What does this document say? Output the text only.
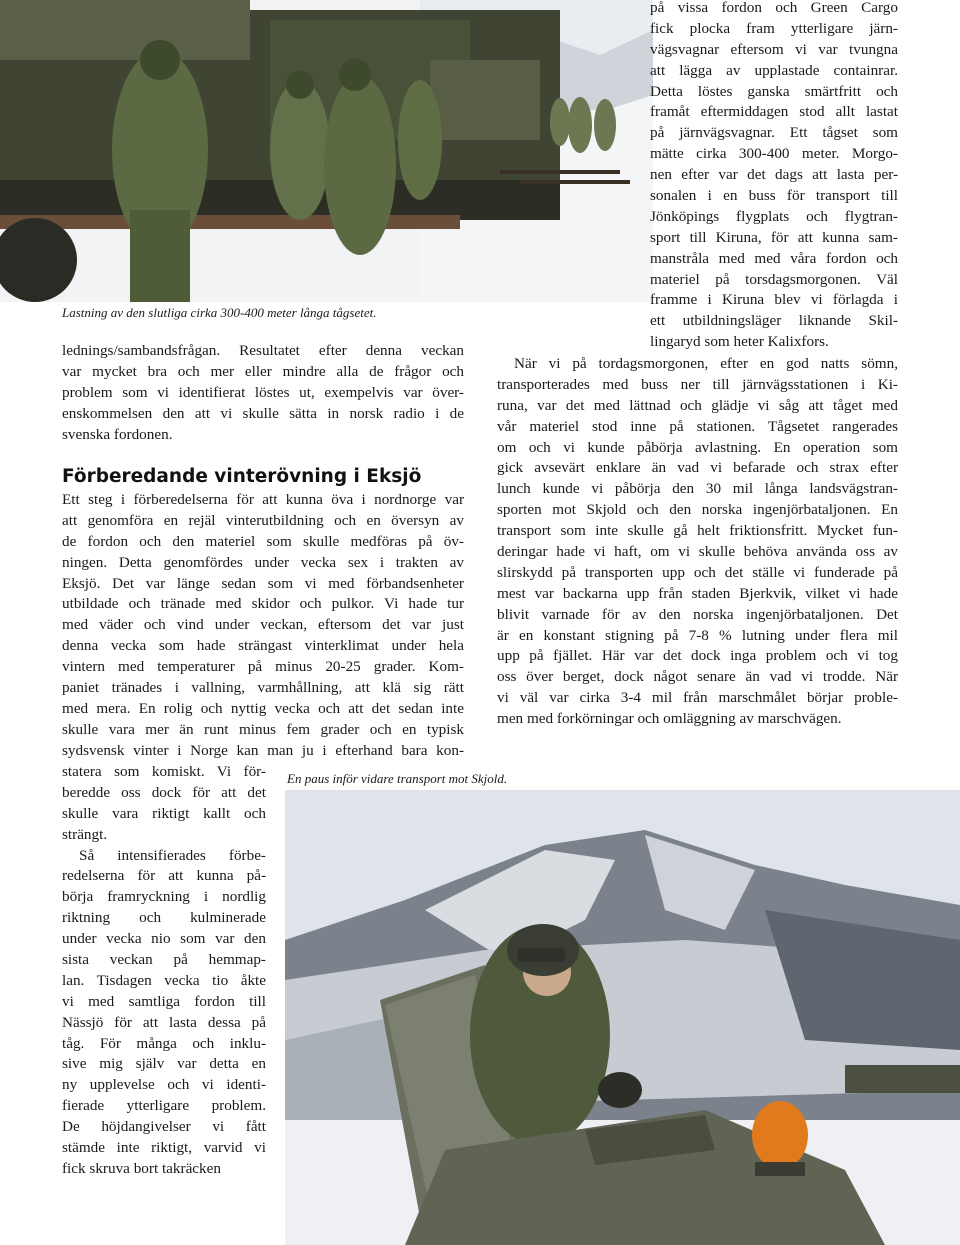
Lastning av den slutliga cirka 300-400 meter långa tågsetet.
på vissa fordon och Green Cargo
fick plocka fram ytterligare järn-
vägsvagnar eftersom vi var tvungna
att lägga av upplastade containrar.
Detta löstes ganska smärtfritt och
framåt eftermiddagen stod allt lastat
på järnvägsvagnar. Ett tågset som
mätte cirka 300-400 meter. Morgo-
nen efter var det dags att lasta per-
sonalen i en buss för transport till
Jönköpings flygplats och flygtran-
sport till Kiruna, för att kunna sam-
manstråla med med våra fordon och
materiel på torsdagsmorgonen. Väl
framme i Kiruna blev vi förlagda i
ett utbildningsläger liknande Skil-
lingaryd som heter Kalixfors.
När vi på tordagsmorgonen, efter en god natts sömn,
transporterades med buss ner till järnvägsstationen i Ki-
runa, var det med lättnad och glädje vi såg att tåget med
vår materiel stod inne på stationen. Tågsetet rangerades
om och vi kunde påbörja avlastning. En operation som
gick avsevärt enklare än vad vi befarade och strax efter
lunch kunde vi påbörja den 30 mil långa landsvägstran-
sporten mot Skjold och den norska ingenjörbataljonen. En
transport som inte skulle gå helt friktionsfritt. Mycket fun-
deringar hade vi haft, om vi skulle behöva använda oss av
slirskydd på transporten upp och det ställe vi funderade på
mest var backarna upp från staden Bjerkvik, vilket vi hade
blivit varnade för av den norska ingenjörbataljonen. Det
är en konstant stigning på 7-8 % lutning under flera mil
upp på fjället. Här var det dock inga problem och vi tog
oss över berget, dock något senare än vad vi trodde. När
vi väl var cirka 3-4 mil från marschmålet börjar proble-
men med forkörningar och omläggning av marschvägen.
lednings/sambandsfrågan. Resultatet efter denna veckan
var mycket bra och mer eller mindre alla de frågor och
problem som vi identifierat löstes ut, exempelvis var över-
enskommelsen den att vi skulle sätta in norsk radio i de
svenska fordonen.
Förberedande vinterövning i Eksjö
Ett steg i förberedelserna för att kunna öva i nordnorge var
att genomföra en rejäl vinterutbildning och en översyn av
de fordon och den materiel som skulle medföras på öv-
ningen. Detta genomfördes under vecka sex i trakten av
Eksjö. Det var länge sedan som vi med förbandsenheter
utbildade och tränade med skidor och pulkor. Vi hade tur
med väder och vind under veckan, eftersom det var just
denna vecka som hade strängast vinterklimat under hela
vintern med temperaturer på minus 20-25 grader. Kom-
paniet tränades i vallning, varmhållning, att klä sig rätt
med mera. En rolig och nyttig vecka och att det sedan inte
skulle vara mer än runt minus fem grader och en typisk
sydsvensk vinter i Norge kan man ju i efterhand bara kon-
statera som komiskt. Vi för-
beredde oss dock för att det
skulle vara riktigt kallt och
strängt.
Så intensifierades förbe-
redelserna för att kunna på-
börja framryckning i nordlig
riktning och kulminerade
under vecka nio som var den
sista veckan på hemmap-
lan. Tisdagen vecka tio åkte
vi med samtliga fordon till
Nässjö för att lasta dessa på
tåg. För många och inklu-
sive mig själv var detta en
ny upplevelse och vi identi-
fierade ytterligare problem.
De höjdangivelser vi fått
stämde inte riktigt, varvid vi
fick skruva bort takräcken
En paus inför vidare transport mot Skjold.
